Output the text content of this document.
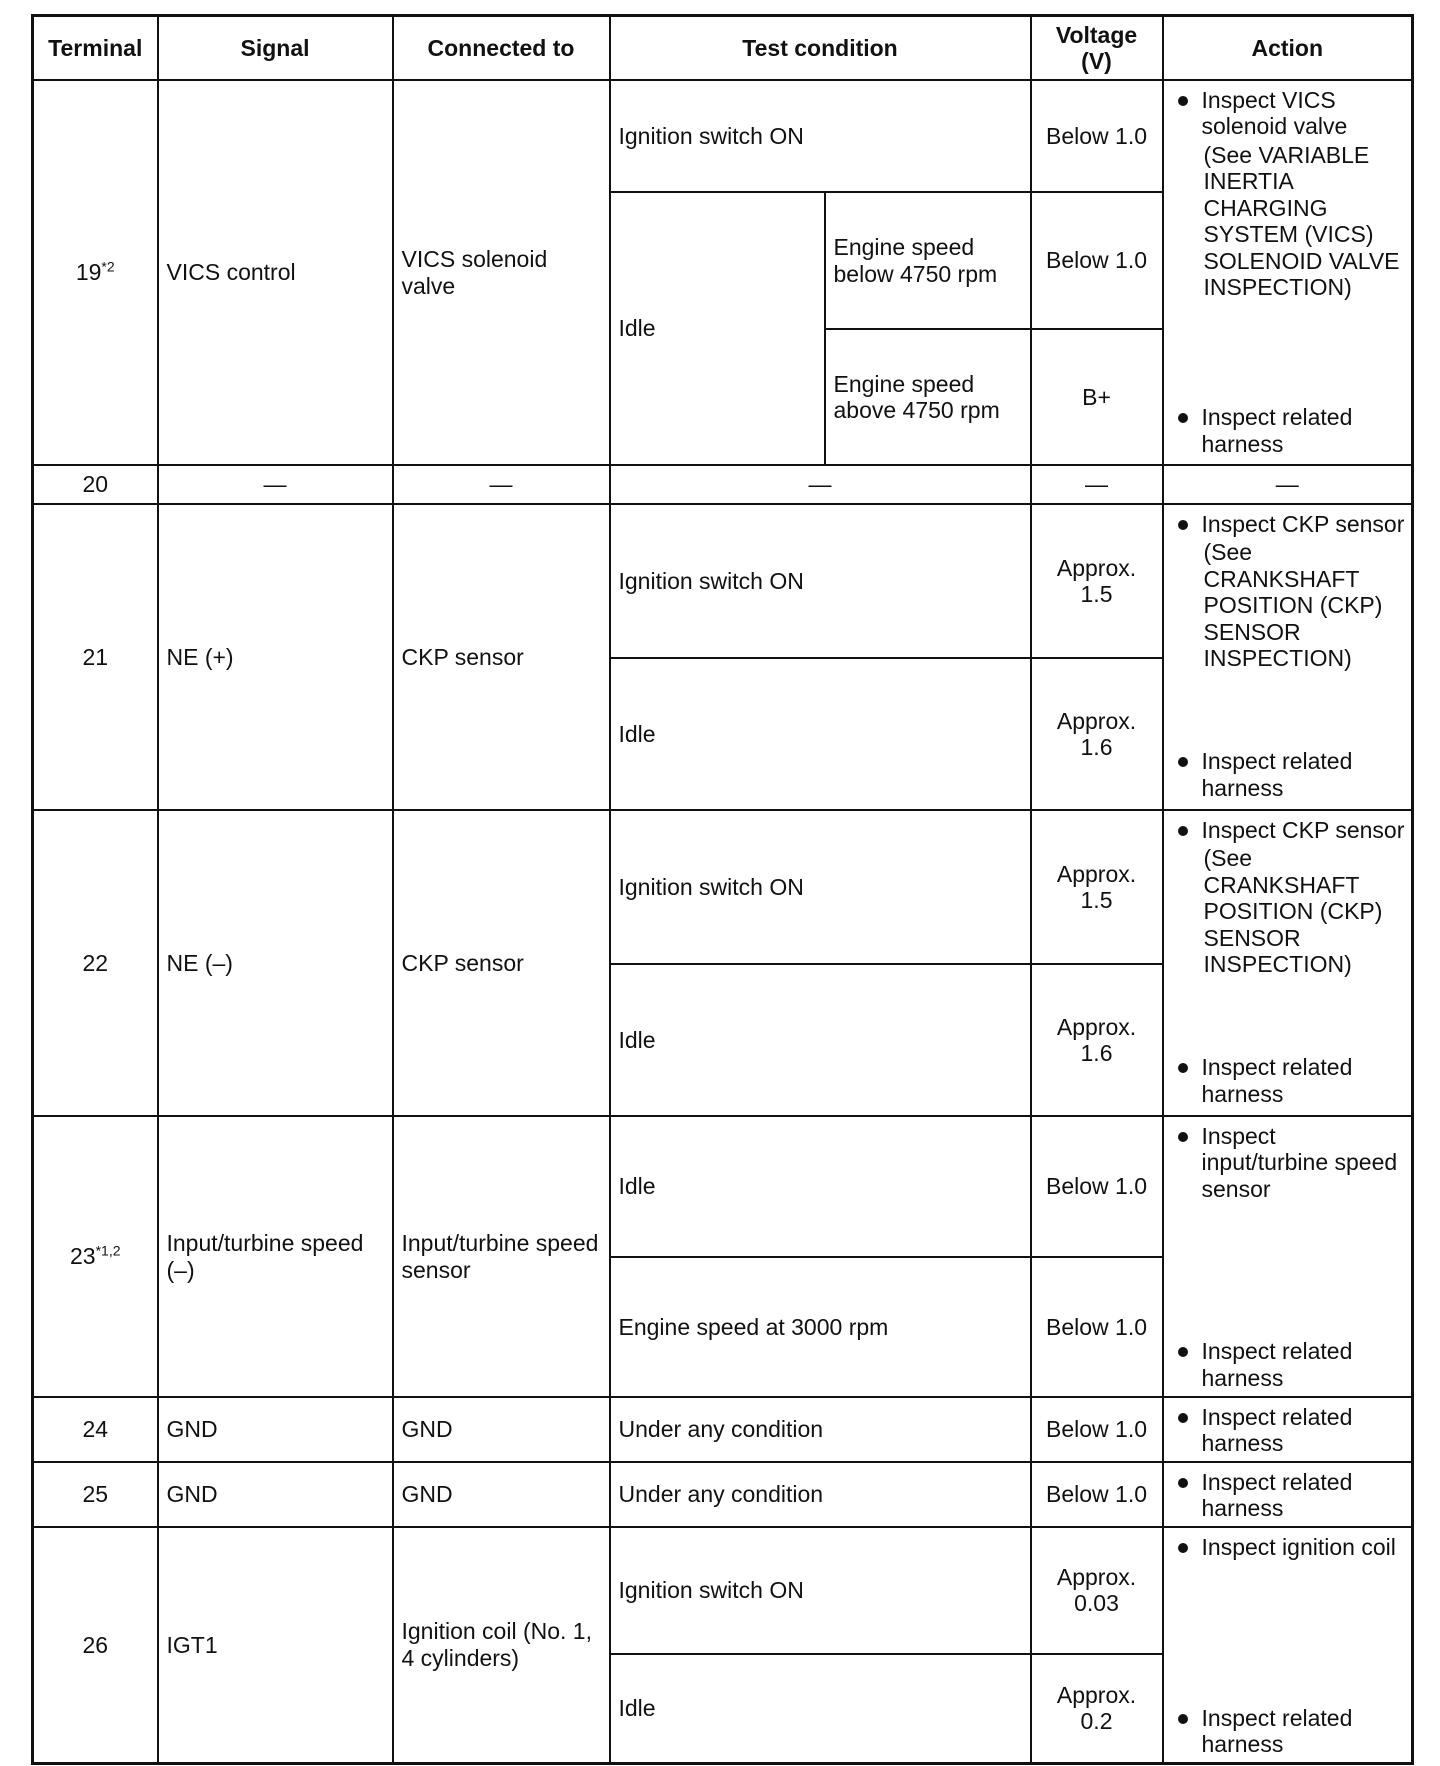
Terminal	Signal	Connected to	Test condition		Voltage (V)	Action
19$^{*2}$	VICS control	VICS solenoid valve	Ignition switch ON		Below 1.0	Inspect VICS solenoid valve
(See VARIABLE INERTIA CHARGING SYSTEM (VICS) SOLENOID VALVE INSPECTION)
Inspect related harness

			Idle	Engine speed below 4750 rpm	Below 1.0	
				Engine speed above 4750 rpm	B+	
20	—	—	—		—	—
21	NE (+)	CKP sensor	Ignition switch ON		Approx. 1.5	Inspect CKP sensor
(See CRANKSHAFT POSITION (CKP) SENSOR INSPECTION)
Inspect related harness

			Idle		Approx. 1.6	
22	NE (–)	CKP sensor	Ignition switch ON		Approx. 1.5	Inspect CKP sensor
(See CRANKSHAFT POSITION (CKP) SENSOR INSPECTION)
Inspect related harness

			Idle		Approx. 1.6	
23$^{*1,2}$	Input/turbine speed (–)	Input/turbine speed sensor	Idle		Below 1.0	Inspect input/turbine speed sensor
Inspect related harness

			Engine speed at 3000 rpm		Below 1.0	
24	GND	GND	Under any condition		Below 1.0	Inspect related harness

25	GND	GND	Under any condition		Below 1.0	Inspect related harness

26	IGT1	Ignition coil (No. 1, 4 cylinders)	Ignition switch ON		Approx. 0.03	Inspect ignition coil
Inspect related harness

			Idle		Approx. 0.2	
